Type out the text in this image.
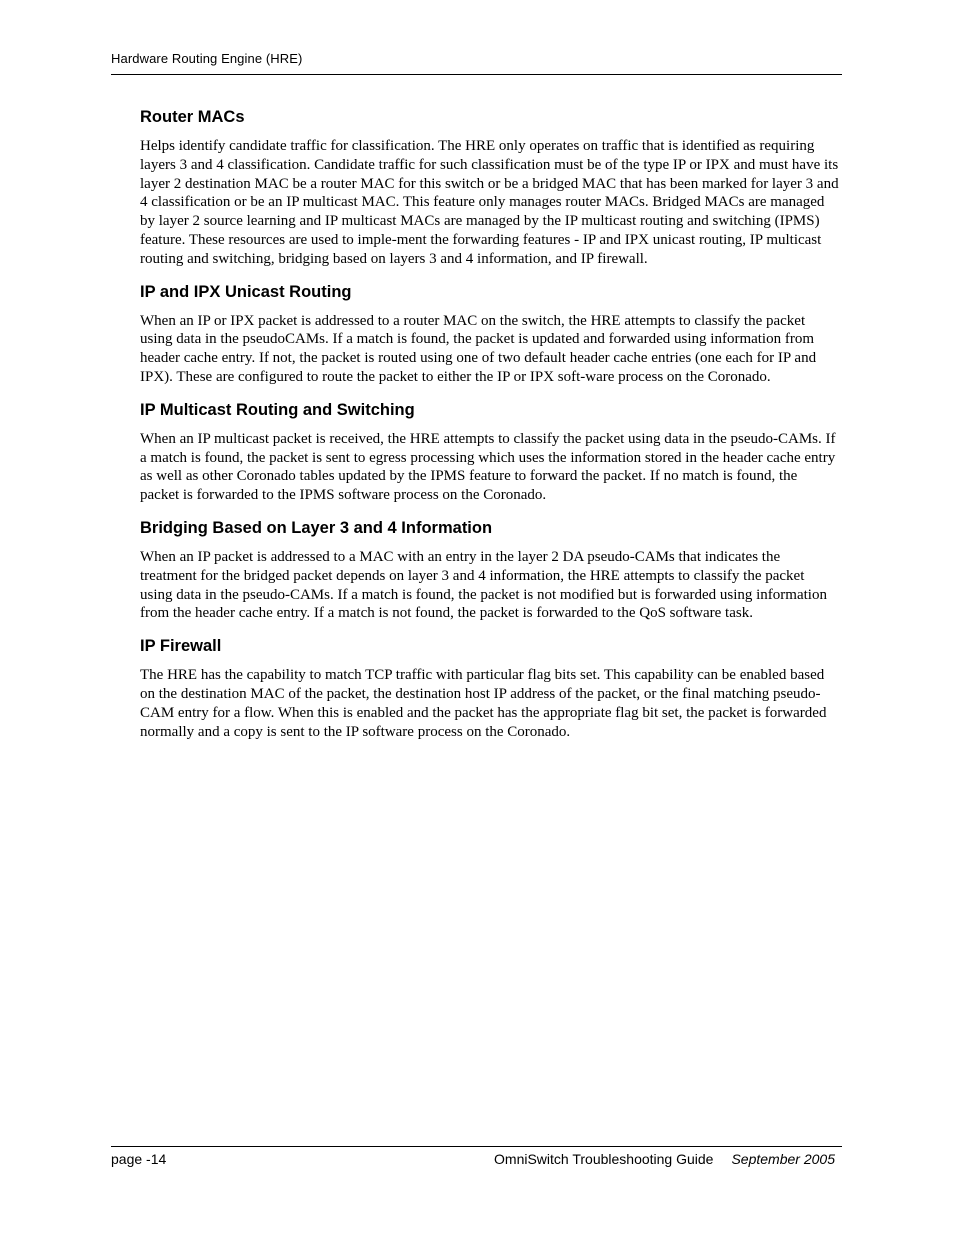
Hardware Routing Engine (HRE)
Router MACs

Helps identify candidate traffic for classification. The HRE only operates on traffic that is identified as requiring layers 3 and 4 classification. Candidate traffic for such classification must be of the type IP or IPX and must have its layer 2 destination MAC be a router MAC for this switch or be a bridged MAC that has been marked for layer 3 and 4 classification or be an IP multicast MAC. This feature only manages router MACs. Bridged MACs are managed by layer 2 source learning and IP multicast MACs are managed by the IP multicast routing and switching (IPMS) feature. These resources are used to imple-ment the forwarding features - IP and IPX unicast routing, IP multicast routing and switching, bridging based on layers 3 and 4 information, and IP firewall.

IP and IPX Unicast Routing

When an IP or IPX packet is addressed to a router MAC on the switch, the HRE attempts to classify the packet using data in the pseudoCAMs. If a match is found, the packet is updated and forwarded using information from header cache entry. If not, the packet is routed using one of two default header cache entries (one each for IP and IPX). These are configured to route the packet to either the IP or IPX soft-ware process on the Coronado.

IP Multicast Routing and Switching

When an IP multicast packet is received, the HRE attempts to classify the packet using data in the pseudo-CAMs. If a match is found, the packet is sent to egress processing which uses the information stored in the header cache entry as well as other Coronado tables updated by the IPMS feature to forward the packet. If no match is found, the packet is forwarded to the IPMS software process on the Coronado.

Bridging Based on Layer 3 and 4 Information

When an IP packet is addressed to a MAC with an entry in the layer 2 DA pseudo-CAMs that indicates the treatment for the bridged packet depends on layer 3 and 4 information, the HRE attempts to classify the packet using data in the pseudo-CAMs. If a match is found, the packet is not modified but is forwarded using information from the header cache entry. If a match is not found, the packet is forwarded to the QoS software task.

IP Firewall

The HRE has the capability to match TCP traffic with particular flag bits set. This capability can be enabled based on the destination MAC of the packet, the destination host IP address of the packet, or the final matching pseudo-CAM entry for a flow. When this is enabled and the packet has the appropriate flag bit set, the packet is forwarded normally and a copy is sent to the IP software process on the Coronado.

page -14	OmniSwitch Troubleshooting Guide September 2005
